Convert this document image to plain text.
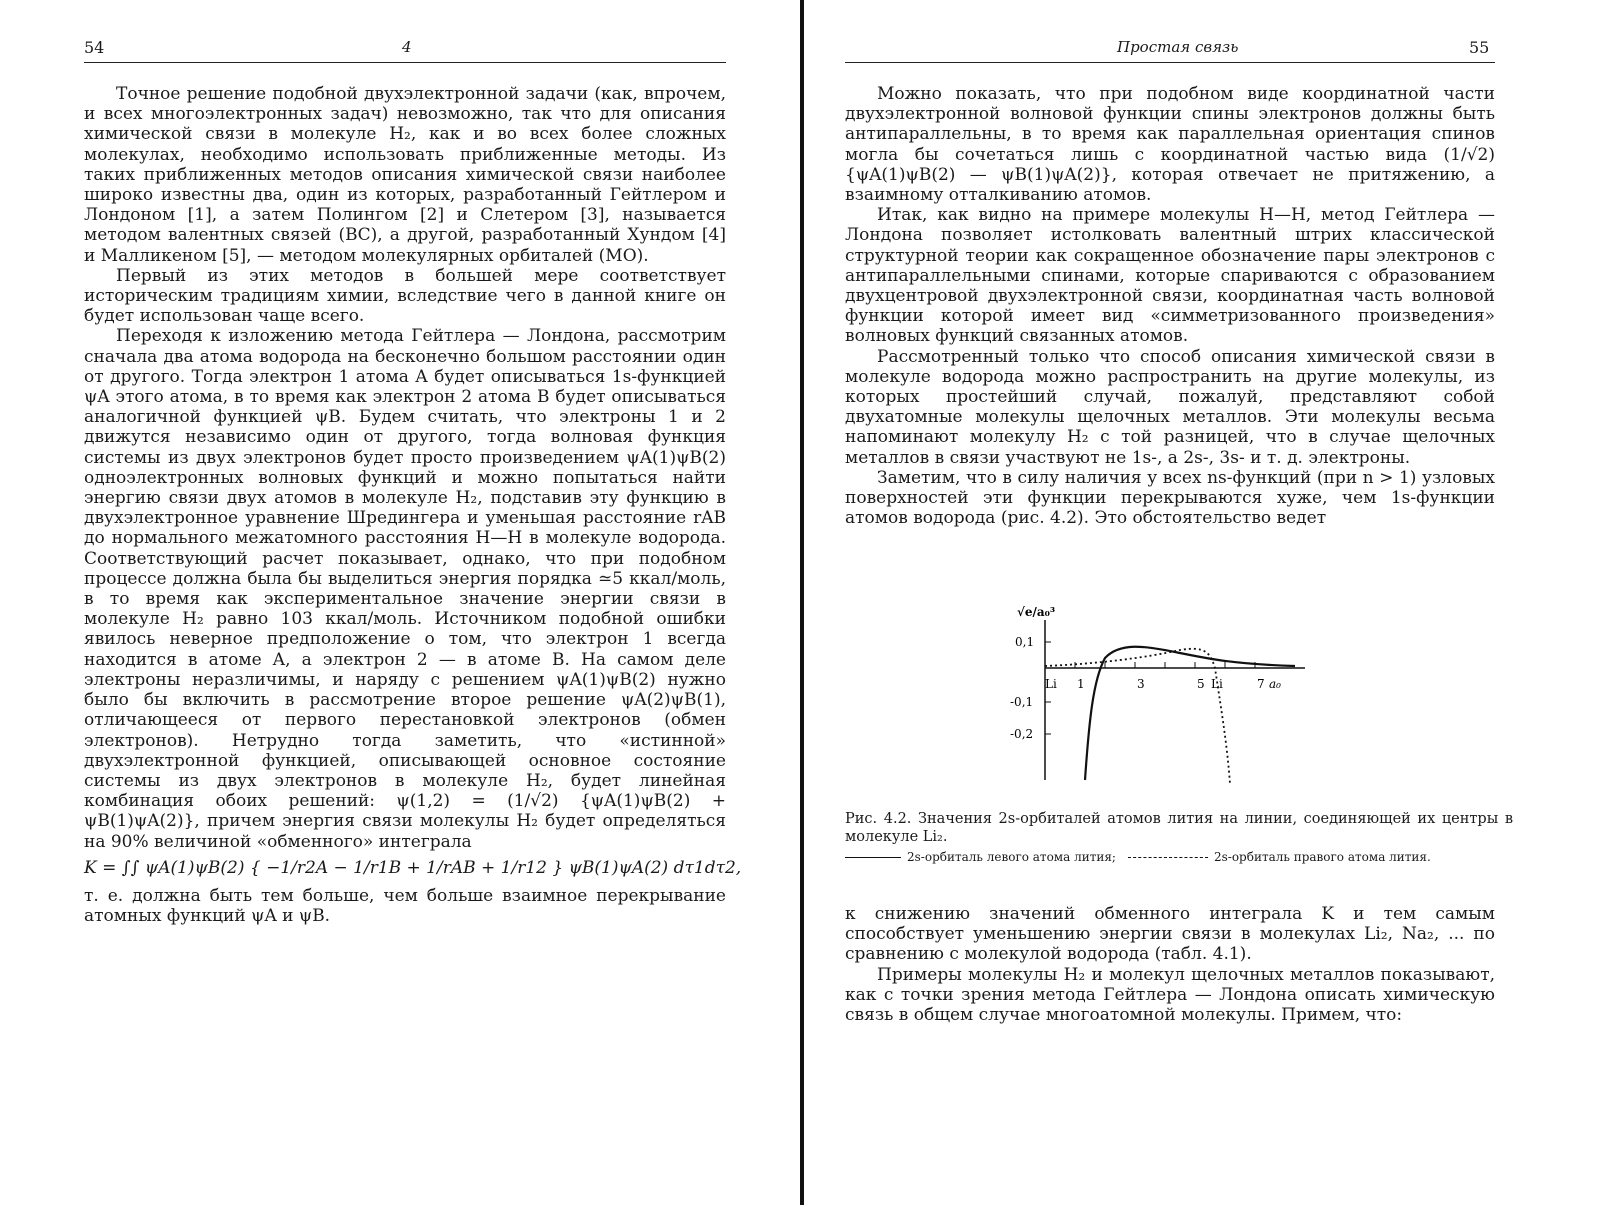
54	4

Точное решение подобной двухэлектронной задачи (как, впрочем, и всех многоэлектронных задач) невозможно, так что для описания химической связи в молекуле H₂, как и во всех более сложных молекулах, необходимо использовать приближенные методы. Из таких приближенных методов описания химической связи наиболее широко известны два, один из которых, разработанный Гейтлером и Лондоном [1], а затем Полингом [2] и Слетером [3], называется методом валентных связей (ВС), а другой, разработанный Хундом [4] и Малликеном [5], — методом молекулярных орбиталей (МО).

Первый из этих методов в большей мере соответствует историческим традициям химии, вследствие чего в данной книге он будет использован чаще всего.

Переходя к изложению метода Гейтлера — Лондона, рассмотрим сначала два атома водорода на бесконечно большом расстоянии один от другого. Тогда электрон 1 атома A будет описываться 1s-функцией ψA этого атома, в то время как электрон 2 атома B будет описываться аналогичной функцией ψB. Будем считать, что электроны 1 и 2 движутся независимо один от другого, тогда волновая функция системы из двух электронов будет просто произведением ψA(1)ψB(2) одноэлектронных волновых функций и можно попытаться найти энергию связи двух атомов в молекуле H₂, подставив эту функцию в двухэлектронное уравнение Шредингера и уменьшая расстояние rAB до нормального межатомного расстояния H—H в молекуле водорода. Соответствующий расчет показывает, однако, что при подобном процессе должна была бы выделиться энергия порядка ≃5 ккал/моль, в то время как экспериментальное значение энергии связи в молекуле H₂ равно 103 ккал/моль. Источником подобной ошибки явилось неверное предположение о том, что электрон 1 всегда находится в атоме A, а электрон 2 — в атоме B. На самом деле электроны неразличимы, и наряду с решением ψA(1)ψB(2) нужно было бы включить в рассмотрение второе решение ψA(2)ψB(1), отличающееся от первого перестановкой электронов (обмен электронов). Нетрудно тогда заметить, что «истинной» двухэлектронной функцией, описывающей основное состояние системы из двух электронов в молекуле H₂, будет линейная комбинация обоих решений: ψ(1,2) = (1/√2) {ψA(1)ψB(2) + ψB(1)ψA(2)}, причем энергия связи молекулы H₂ будет определяться на 90% величиной «обменного» интеграла

K = ∫∫ ψA(1)ψB(2) { −1/r2A − 1/r1B + 1/rAB + 1/r12 } ψB(1)ψA(2) dτ1dτ2,

т. е. должна быть тем больше, чем больше взаимное перекрывание атомных функций ψA и ψB.

Простая связь	55

Можно показать, что при подобном виде координатной части двухэлектронной волновой функции спины электронов должны быть антипараллельны, в то время как параллельная ориентация спинов могла бы сочетаться лишь с координатной частью вида (1/√2) {ψA(1)ψB(2) — ψB(1)ψA(2)}, которая отвечает не притяжению, а взаимному отталкиванию атомов.

Итак, как видно на примере молекулы H—H, метод Гейтлера — Лондона позволяет истолковать валентный штрих классической структурной теории как сокращенное обозначение пары электронов с антипараллельными спинами, которые спариваются с образованием двухцентровой двухэлектронной связи, координатная часть волновой функции которой имеет вид «симметризованного произведения» волновых функций связанных атомов.

Рассмотренный только что способ описания химической связи в молекуле водорода можно распространить на другие молекулы, из которых простейший случай, пожалуй, представляют собой двухатомные молекулы щелочных металлов. Эти молекулы весьма напоминают молекулу H₂ с той разницей, что в случае щелочных металлов в связи участвуют не 1s-, а 2s-, 3s- и т. д. электроны.

Заметим, что в силу наличия у всех ns-функций (при n > 1) узловых поверхностей эти функции перекрываются хуже, чем 1s-функции атомов водорода (рис. 4.2). Это обстоятельство ведет

√e/a₀³
0,1
-0,1
-0,2
Li 1	3	5 Li	7 a₀
Рис. 4.2. Значения 2s-орбиталей атомов лития на линии, соединяющей их центры в молекуле Li₂.
2s-орбиталь левого атома лития;	2s-орбиталь правого атома лития.

к снижению значений обменного интеграла K и тем самым способствует уменьшению энергии связи в молекулах Li₂, Na₂, ... по сравнению с молекулой водорода (табл. 4.1).

Примеры молекулы H₂ и молекул щелочных металлов показывают, как с точки зрения метода Гейтлера — Лондона описать химическую связь в общем случае многоатомной молекулы. Примем, что:
